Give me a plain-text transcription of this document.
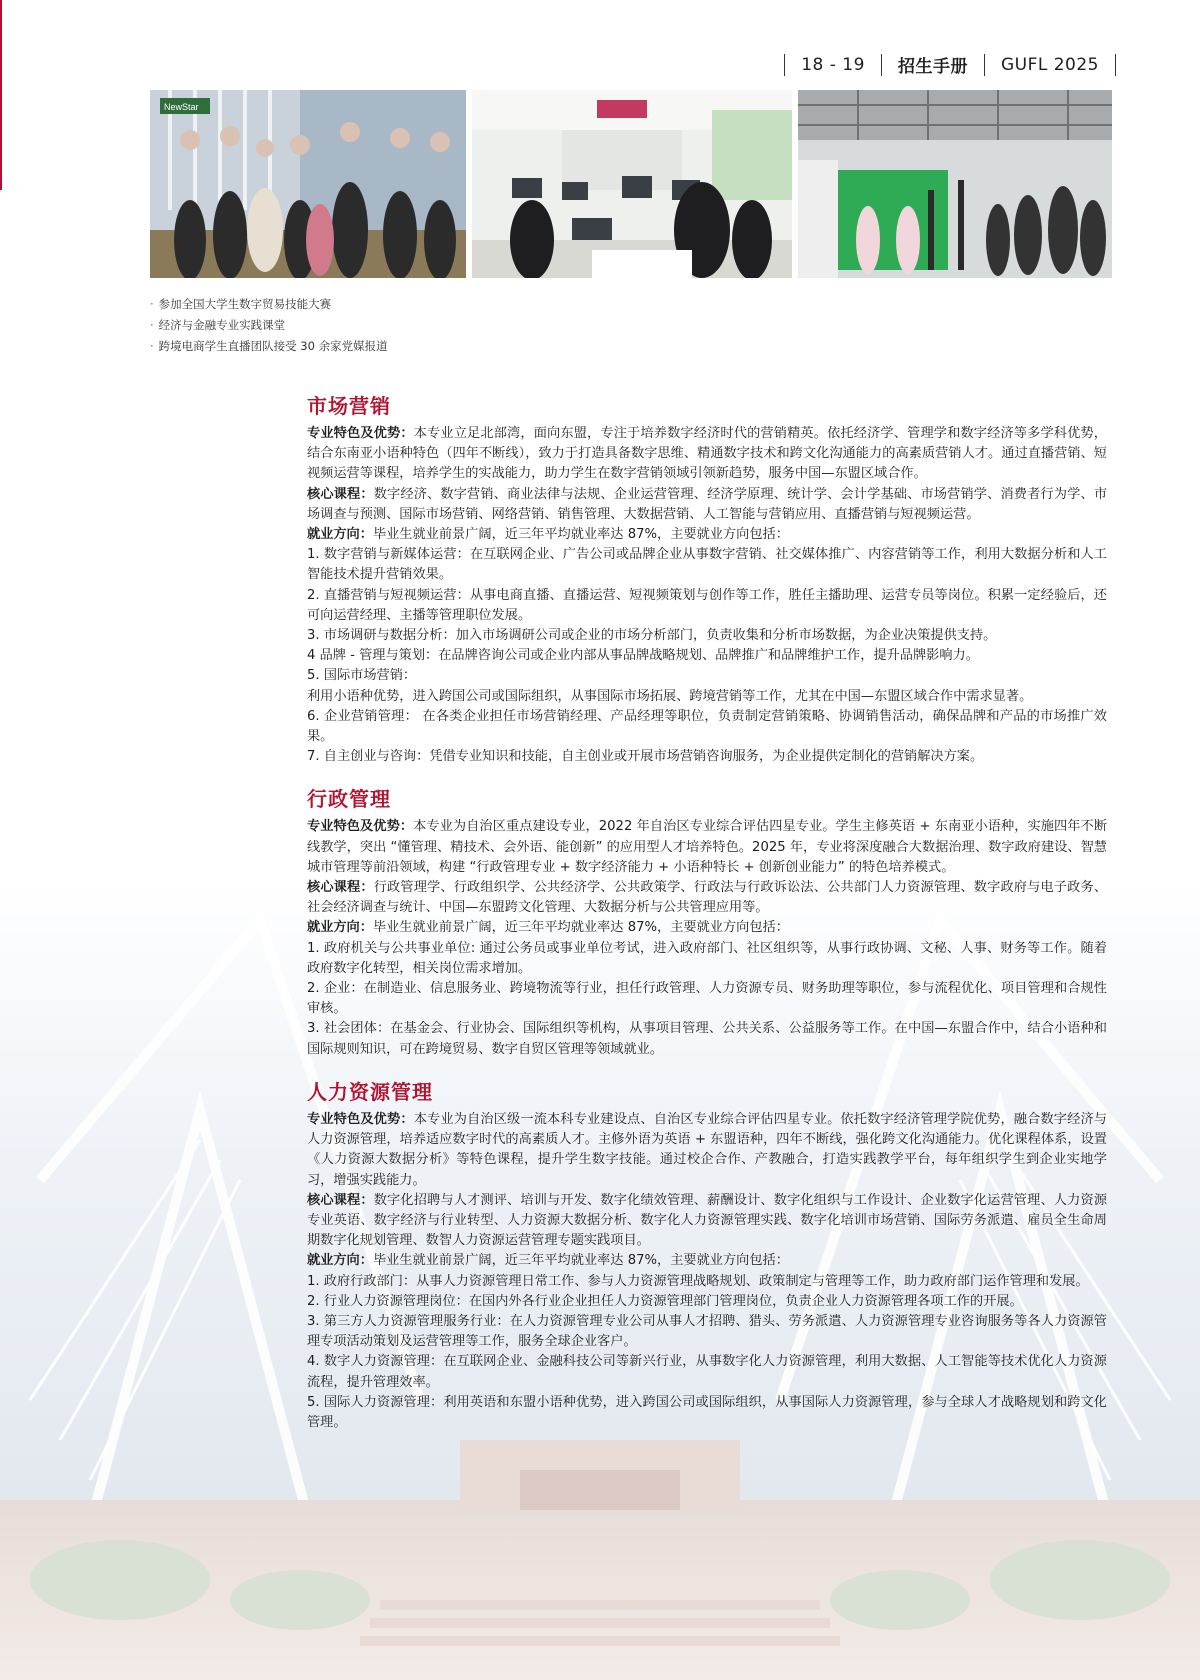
18 - 19 招生手册 GUFL 2025
NewStar
· 参加全国大学生数字贸易技能大赛
· 经济与金融专业实践课堂
· 跨境电商学生直播团队接受 30 余家党媒报道
市场营销

专业特色及优势：本专业立足北部湾，面向东盟，专注于培养数字经济时代的营销精英。依托经济学、管理学和数字经济等多学科优势，结合东南亚小语种特色（四年不断线），致力于打造具备数字思维、精通数字技术和跨文化沟通能力的高素质营销人才。通过直播营销、短视频运营等课程，培养学生的实战能力，助力学生在数字营销领域引领新趋势，服务中国—东盟区域合作。

核心课程：数字经济、数字营销、商业法律与法规、企业运营管理、经济学原理、统计学、会计学基础、市场营销学、消费者行为学、市场调查与预测、国际市场营销、网络营销、销售管理、大数据营销、人工智能与营销应用、直播营销与短视频运营。

就业方向：毕业生就业前景广阔，近三年平均就业率达 87%，主要就业方向包括：

1. 数字营销与新媒体运营：在互联网企业、广告公司或品牌企业从事数字营销、社交媒体推广、内容营销等工作，利用大数据分析和人工智能技术提升营销效果。

2. 直播营销与短视频运营：从事电商直播、直播运营、短视频策划与创作等工作，胜任主播助理、运营专员等岗位。积累一定经验后，还可向运营经理、主播等管理职位发展。

3. 市场调研与数据分析：加入市场调研公司或企业的市场分析部门，负责收集和分析市场数据，为企业决策提供支持。

4 品牌 - 管理与策划：在品牌咨询公司或企业内部从事品牌战略规划、品牌推广和品牌维护工作，提升品牌影响力。

5. 国际市场营销：

利用小语种优势，进入跨国公司或国际组织，从事国际市场拓展、跨境营销等工作，尤其在中国—东盟区域合作中需求显著。

6. 企业营销管理： 在各类企业担任市场营销经理、产品经理等职位，负责制定营销策略、协调销售活动，确保品牌和产品的市场推广效果。

7. 自主创业与咨询：凭借专业知识和技能，自主创业或开展市场营销咨询服务，为企业提供定制化的营销解决方案。

行政管理

专业特色及优势：本专业为自治区重点建设专业，2022 年自治区专业综合评估四星专业。学生主修英语 + 东南亚小语种，实施四年不断线教学，突出 “懂管理、精技术、会外语、能创新” 的应用型人才培养特色。2025 年，专业将深度融合大数据治理、数字政府建设、智慧城市管理等前沿领域，构建 “行政管理专业 + 数字经济能力 + 小语种特长 + 创新创业能力” 的特色培养模式。

核心课程：行政管理学、行政组织学、公共经济学、公共政策学、行政法与行政诉讼法、公共部门人力资源管理、数字政府与电子政务、社会经济调查与统计、中国—东盟跨文化管理、大数据分析与公共管理应用等。

就业方向：毕业生就业前景广阔，近三年平均就业率达 87%，主要就业方向包括：

1. 政府机关与公共事业单位: 通过公务员或事业单位考试，进入政府部门、社区组织等，从事行政协调、文秘、人事、财务等工作。随着政府数字化转型，相关岗位需求增加。

2. 企业：在制造业、信息服务业、跨境物流等行业，担任行政管理、人力资源专员、财务助理等职位，参与流程优化、项目管理和合规性审核。

3. 社会团体：在基金会、行业协会、国际组织等机构，从事项目管理、公共关系、公益服务等工作。在中国—东盟合作中，结合小语种和国际规则知识，可在跨境贸易、数字自贸区管理等领域就业。

人力资源管理

专业特色及优势：本专业为自治区级一流本科专业建设点、自治区专业综合评估四星专业。依托数字经济管理学院优势，融合数字经济与人力资源管理，培养适应数字时代的高素质人才。主修外语为英语 + 东盟语种，四年不断线，强化跨文化沟通能力。优化课程体系，设置《人力资源大数据分析》等特色课程，提升学生数字技能。通过校企合作、产教融合，打造实践教学平台，每年组织学生到企业实地学习，增强实践能力。

核心课程：数字化招聘与人才测评、培训与开发、数字化绩效管理、薪酬设计、数字化组织与工作设计、企业数字化运营管理、人力资源专业英语、数字经济与行业转型、人力资源大数据分析、数字化人力资源管理实践、数字化培训市场营销、国际劳务派遣、雇员全生命周期数字化规划管理、数智人力资源运营管理专题实践项目。

就业方向：毕业生就业前景广阔，近三年平均就业率达 87%，主要就业方向包括：

1. 政府行政部门：从事人力资源管理日常工作、参与人力资源管理战略规划、政策制定与管理等工作，助力政府部门运作管理和发展。

2. 行业人力资源管理岗位：在国内外各行业企业担任人力资源管理部门管理岗位，负责企业人力资源管理各项工作的开展。

3. 第三方人力资源管理服务行业：在人力资源管理专业公司从事人才招聘、猎头、劳务派遣、人力资源管理专业咨询服务等各人力资源管理专项活动策划及运营管理等工作，服务全球企业客户。

4. 数字人力资源管理：在互联网企业、金融科技公司等新兴行业，从事数字化人力资源管理，利用大数据、人工智能等技术优化人力资源流程，提升管理效率。

5. 国际人力资源管理：利用英语和东盟小语种优势，进入跨国公司或国际组织，从事国际人力资源管理，参与全球人才战略规划和跨文化管理。
